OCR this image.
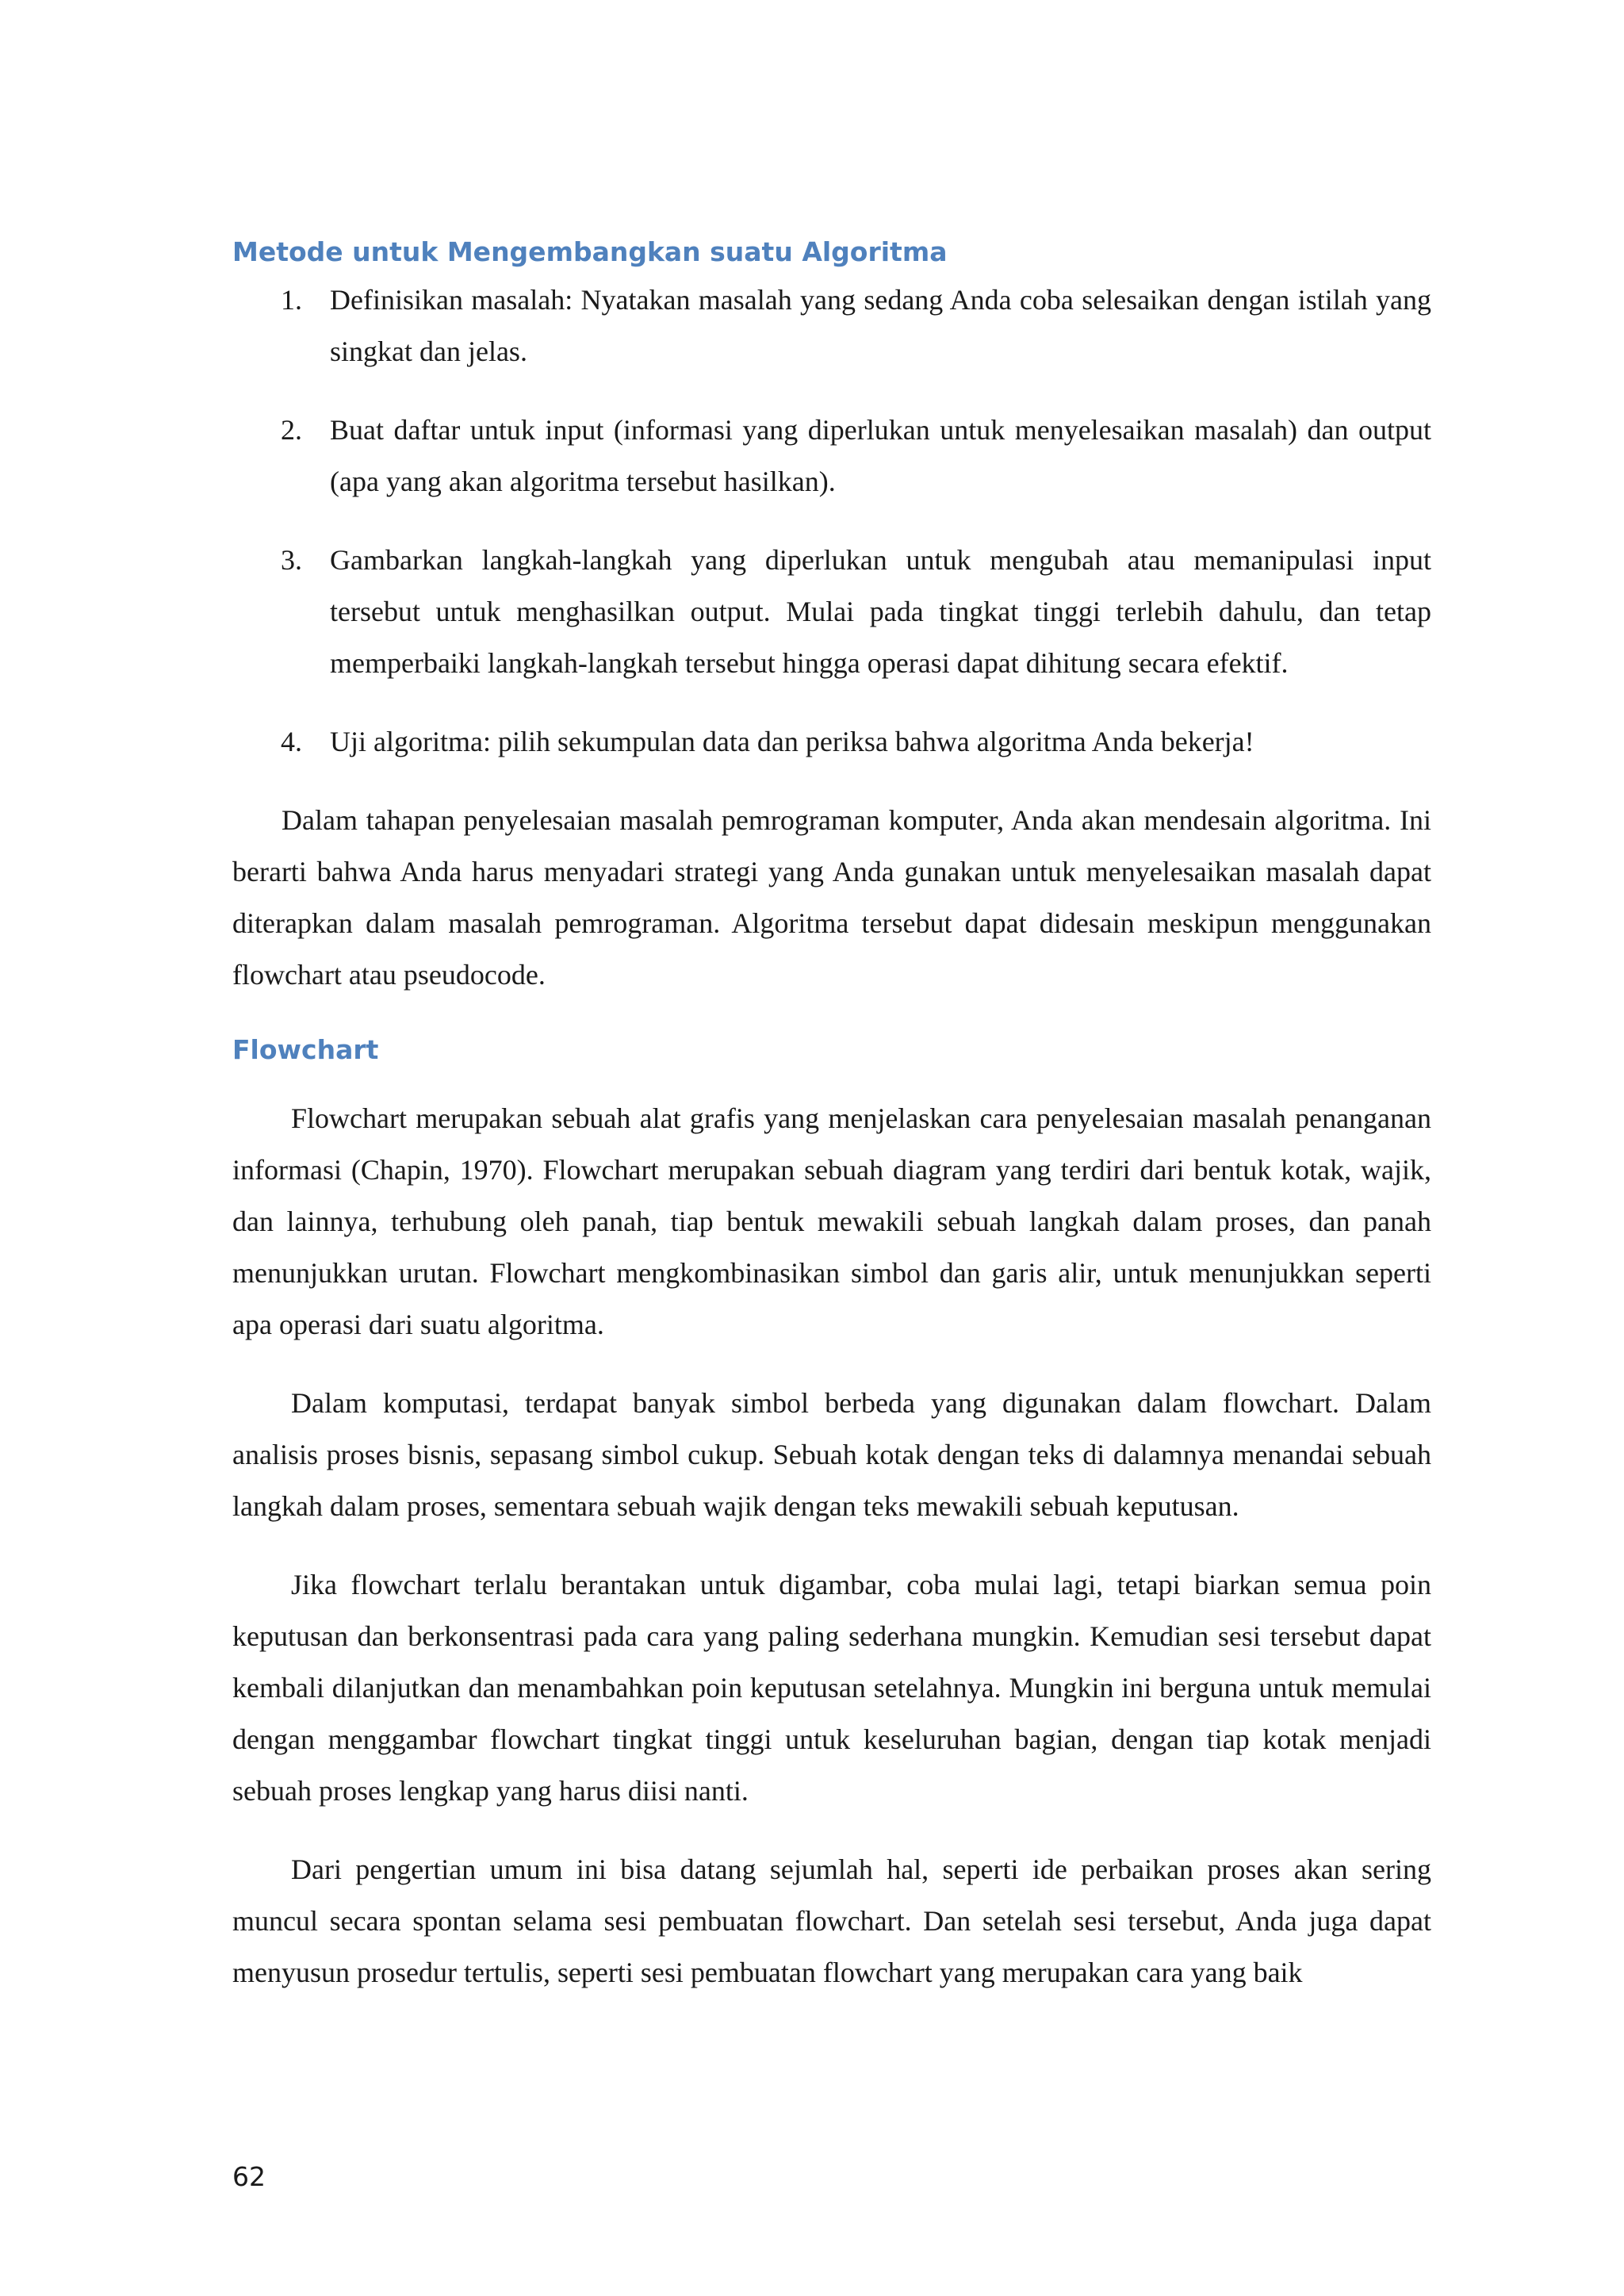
Metode untuk Mengembangkan suatu Algoritma
1. Definisikan masalah: Nyatakan masalah yang sedang Anda coba selesaikan dengan istilah yang singkat dan jelas.
2. Buat daftar untuk input (informasi yang diperlukan untuk menyelesaikan masalah) dan output (apa yang akan algoritma tersebut hasilkan).
3. Gambarkan langkah-langkah yang diperlukan untuk mengubah atau memanipulasi input tersebut untuk menghasilkan output. Mulai pada tingkat tinggi terlebih dahulu, dan tetap memperbaiki langkah-langkah tersebut hingga operasi dapat dihitung secara efektif.
4. Uji algoritma: pilih sekumpulan data dan periksa bahwa algoritma Anda bekerja!

Dalam tahapan penyelesaian masalah pemrograman komputer, Anda akan mendesain algoritma. Ini berarti bahwa Anda harus menyadari strategi yang Anda gunakan untuk menyelesaikan masalah dapat diterapkan dalam masalah pemrograman. Algoritma tersebut dapat didesain meskipun menggunakan flowchart atau pseudocode.

Flowchart

Flowchart merupakan sebuah alat grafis yang menjelaskan cara penyelesaian masalah penanganan informasi (Chapin, 1970). Flowchart merupakan sebuah diagram yang terdiri dari bentuk kotak, wajik, dan lainnya, terhubung oleh panah, tiap bentuk mewakili sebuah langkah dalam proses, dan panah menunjukkan urutan. Flowchart mengkombinasikan simbol dan garis alir, untuk menunjukkan seperti apa operasi dari suatu algoritma.

Dalam komputasi, terdapat banyak simbol berbeda yang digunakan dalam flowchart. Dalam analisis proses bisnis, sepasang simbol cukup. Sebuah kotak dengan teks di dalamnya menandai sebuah langkah dalam proses, sementara sebuah wajik dengan teks mewakili sebuah keputusan.

Jika flowchart terlalu berantakan untuk digambar, coba mulai lagi, tetapi biarkan semua poin keputusan dan berkonsentrasi pada cara yang paling sederhana mungkin. Kemudian sesi tersebut dapat kembali dilanjutkan dan menambahkan poin keputusan setelahnya. Mungkin ini berguna untuk memulai dengan menggambar flowchart tingkat tinggi untuk keseluruhan bagian, dengan tiap kotak menjadi sebuah proses lengkap yang harus diisi nanti.

Dari pengertian umum ini bisa datang sejumlah hal, seperti ide perbaikan proses akan sering muncul secara spontan selama sesi pembuatan flowchart. Dan setelah sesi tersebut, Anda juga dapat menyusun prosedur tertulis, seperti sesi pembuatan flowchart yang merupakan cara yang baik

62
